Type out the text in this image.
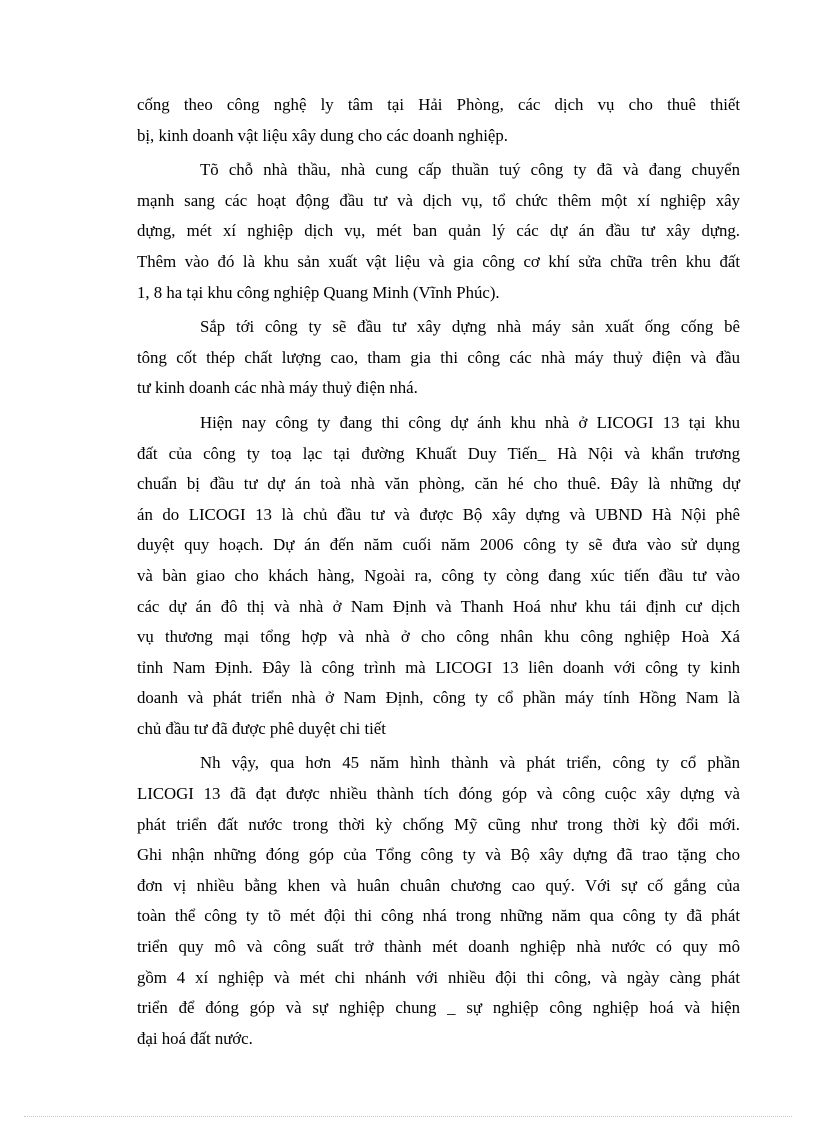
cống theo công nghệ ly tâm tại Hải Phòng, các dịch vụ cho thuê thiết
bị, kinh doanh vật liệu xây dung cho các doanh nghiệp.
Tõ chỗ nhà thầu, nhà cung cấp thuần tuý công ty đã và đang chuyển
mạnh sang các hoạt động đầu tư và dịch vụ, tổ chức thêm một xí nghiệp xây
dựng, mét xí nghiệp dịch vụ, mét ban quản lý các dự án đầu tư xây dựng.
Thêm vào đó là khu sản xuất vật liệu và gia công cơ khí sửa chữa trên khu đất
1, 8 ha tại khu công nghiệp Quang Minh (Vĩnh Phúc).
Sắp tới công ty sẽ đầu tư xây dựng nhà máy sản xuất ống cống bê
tông cốt thép chất lượng cao, tham gia thi công các nhà máy thuỷ điện và đầu
tư kinh doanh các nhà máy thuỷ điện nhá.
Hiện nay công ty đang thi công dự ánh khu nhà ở LICOGI 13 tại khu
đất của công ty toạ lạc tại đường Khuất Duy Tiến_ Hà Nội và khẩn trương
chuẩn bị đầu tư dự án toà nhà văn phòng, căn hé cho thuê. Đây là những dự
án do LICOGI 13 là chủ đầu tư và được Bộ xây dựng và UBND Hà Nội phê
duyệt quy hoạch. Dự án đến năm cuối năm 2006 công ty sẽ đưa vào sử dụng
và bàn giao cho khách hàng, Ngoài ra, công ty còng đang xúc tiến đầu tư vào
các dự án đô thị và nhà ở Nam Định và Thanh Hoá như khu tái định cư dịch
vụ thương mại tổng hợp và nhà ở cho công nhân khu công nghiệp Hoà Xá
tỉnh Nam Định. Đây là công trình mà LICOGI 13 liên doanh với công ty kinh
doanh và phát triển nhà ở Nam Định, công ty cổ phần máy tính Hồng Nam là
chủ đầu tư đã được phê duyệt chi tiết
Nh vậy, qua hơn 45 năm hình thành và phát triển, công ty cổ phần
LICOGI 13 đã đạt được nhiều thành tích đóng góp và công cuộc xây dựng và
phát triển đất nước trong thời kỳ chống Mỹ cũng như trong thời kỳ đổi mới.
Ghi nhận những đóng góp của Tổng công ty và Bộ xây dựng đã trao tặng cho
đơn vị nhiều bằng khen và huân chuân chương cao quý. Với sự cố gắng của
toàn thể công ty tõ mét đội thi công nhá trong những năm qua công ty đã phát
triển quy mô và công suất trở thành mét doanh nghiệp nhà nước có quy mô
gồm 4 xí nghiệp và mét chi nhánh với nhiều đội thi công, và ngày càng phát
triển để đóng góp và sự nghiệp chung _ sự nghiệp công nghiệp hoá và hiện
đại hoá đất nước.
